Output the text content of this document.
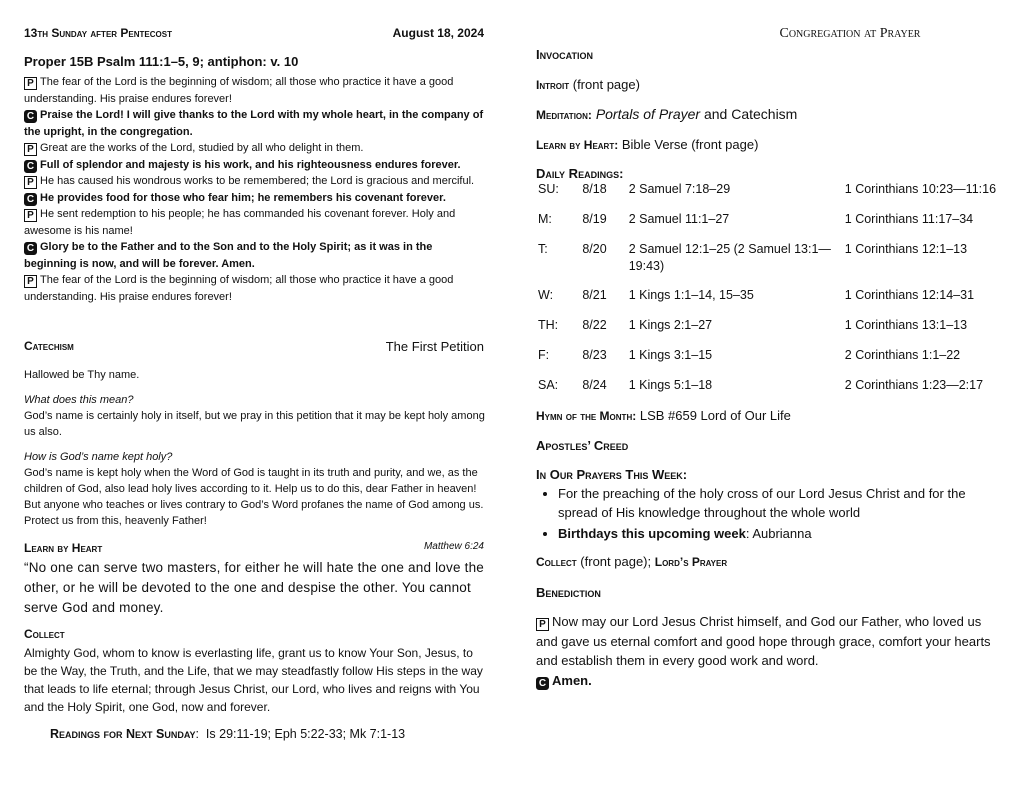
13th Sunday after Pentecost	August 18, 2024
Proper 15B Psalm 111:1–5, 9; antiphon: v. 10

P The fear of the Lord is the beginning of wisdom; all those who practice it have a good understanding. His praise endures forever!

C Praise the Lord! I will give thanks to the Lord with my whole heart, in the company of the upright, in the congregation.

P Great are the works of the Lord, studied by all who delight in them.

C Full of splendor and majesty is his work, and his righteousness endures forever.

P He has caused his wondrous works to be remembered; the Lord is gracious and merciful.

C He provides food for those who fear him; he remembers his covenant forever.

P He sent redemption to his people; he has commanded his covenant forever. Holy and awesome is his name!

C Glory be to the Father and to the Son and to the Holy Spirit; as it was in the beginning is now, and will be forever. Amen.

P The fear of the Lord is the beginning of wisdom; all those who practice it have a good understanding. His praise endures forever!

Catechism	The First Petition

Hallowed be Thy name.

What does this mean?
God’s name is certainly holy in itself, but we pray in this petition that it may be kept holy among us also.

How is God’s name kept holy?
God’s name is kept holy when the Word of God is taught in its truth and purity, and we, as the children of God, also lead holy lives according to it. Help us to do this, dear Father in heaven! But anyone who teaches or lives contrary to God’s Word profanes the name of God among us. Protect us from this, heavenly Father!

Learn by Heart	Matthew 6:24
“No one can serve two masters, for either he will hate the one and love the other, or he will be devoted to the one and despise the other. You cannot serve God and money.
Collect
Almighty God, whom to know is everlasting life, grant us to know Your Son, Jesus, to be the Way, the Truth, and the Life, that we may steadfastly follow His steps in the way that leads to life eternal; through Jesus Christ, our Lord, who lives and reigns with You and the Holy Spirit, one God, now and forever.
Readings for Next Sunday:  Is 29:11-19; Eph 5:22-33; Mk 7:1-13
Congregation at Prayer
Invocation
Introit (front page)
Meditation: Portals of Prayer and Catechism
Learn by Heart: Bible Verse (front page)
Daily Readings:
SU:	8/18	2 Samuel 7:18–29	1 Corinthians 10:23—11:16
M:	8/19	2 Samuel 11:1–27	1 Corinthians 11:17–34
T:	8/20	2 Samuel 12:1–25 (2 Samuel 13:1—19:43)	1 Corinthians 12:1–13
W:	8/21	1 Kings 1:1–14, 15–35	1 Corinthians 12:14–31
TH:	8/22	1 Kings 2:1–27	1 Corinthians 13:1–13
F:	8/23	1 Kings 3:1–15	2 Corinthians 1:1–22
SA:	8/24	1 Kings 5:1–18	2 Corinthians 1:23—2:17
Hymn of the Month: LSB #659 Lord of Our Life
Apostles’ Creed
In Our Prayers This Week:
• For the preaching of the holy cross of our Lord Jesus Christ and for the spread of His knowledge throughout the whole world
• Birthdays this upcoming week: Aubrianna
Collect (front page); Lord’s Prayer
Benediction

P Now may our Lord Jesus Christ himself, and God our Father, who loved us and gave us eternal comfort and good hope through grace, comfort your hearts and establish them in every good work and word.

C Amen.
